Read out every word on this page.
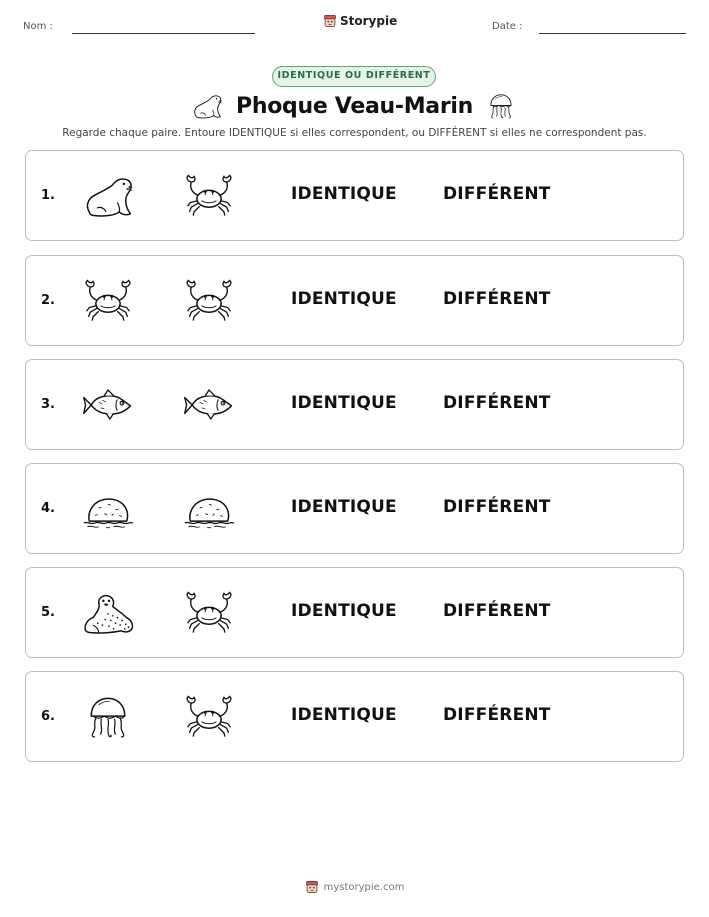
Nom :	Storypie	Date :
IDENTIQUE OU DIFFÉRENT
Phoque Veau-Marin
Regarde chaque paire. Entoure IDENTIQUE si elles correspondent, ou DIFFÉRENT si elles ne correspondent pas.
1.	IDENTIQUE	DIFFÉRENT
2.	IDENTIQUE	DIFFÉRENT
3.	IDENTIQUE	DIFFÉRENT
4.	IDENTIQUE	DIFFÉRENT
5.	IDENTIQUE	DIFFÉRENT
6.	IDENTIQUE	DIFFÉRENT
mystorypie.com
